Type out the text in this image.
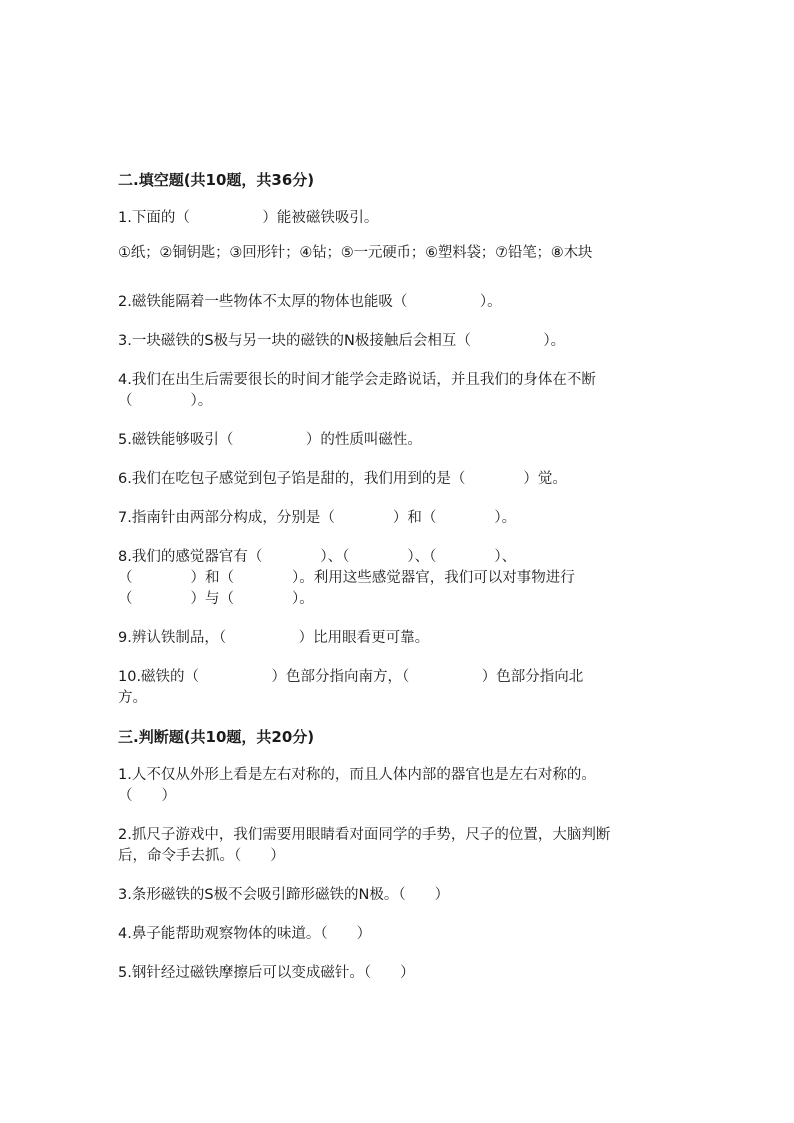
二.填空题(共10题，共36分)
1.下面的（　　　　　）能被磁铁吸引。
①纸；②铜钥匙；③回形针；④钻；⑤一元硬币；⑥塑料袋；⑦铅笔；⑧木块
2.磁铁能隔着一些物体不太厚的物体也能吸（　　　　　）。
3.一块磁铁的S极与另一块的磁铁的N极接触后会相互（　　　　　）。
4.我们在出生后需要很长的时间才能学会走路说话，并且我们的身体在不断
（　　　　）。
5.磁铁能够吸引（　　　　　）的性质叫磁性。
6.我们在吃包子感觉到包子馅是甜的，我们用到的是（　　　　）觉。
7.指南针由两部分构成，分别是（　　　　）和（　　　　）。
8.我们的感觉器官有（　　　　）、（　　　　）、（　　　　）、
（　　　　）和（　　　　）。利用这些感觉器官，我们可以对事物进行
（　　　　）与（　　　　）。
9.辨认铁制品，（　　　　　）比用眼看更可靠。
10.磁铁的（　　　　　）色部分指向南方，（　　　　　）色部分指向北
方。
三.判断题(共10题，共20分)
1.人不仅从外形上看是左右对称的，而且人体内部的器官也是左右对称的。
（　　）
2.抓尺子游戏中，我们需要用眼睛看对面同学的手势，尺子的位置，大脑判断
后，命令手去抓。（　　）
3.条形磁铁的S极不会吸引蹄形磁铁的N极。（　　）
4.鼻子能帮助观察物体的味道。（　　）
5.钢针经过磁铁摩擦后可以变成磁针。（　　）
